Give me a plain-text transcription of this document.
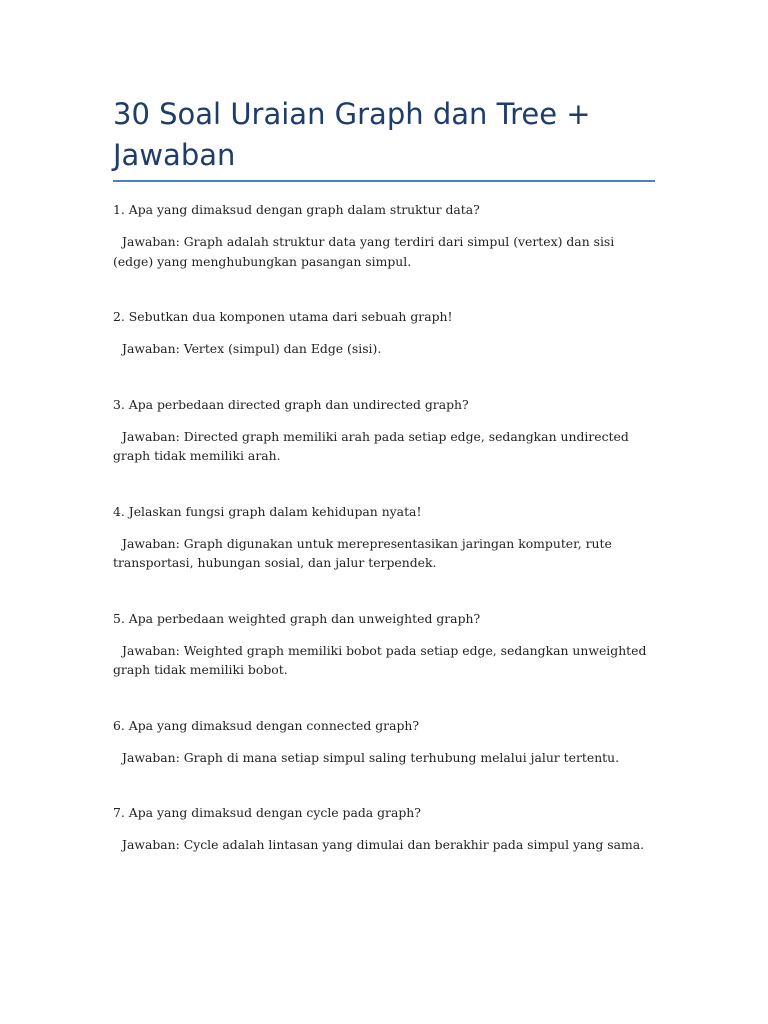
30 Soal Uraian Graph dan Tree + Jawaban

1. Apa yang dimaksud dengan graph dalam struktur data?

Jawaban: Graph adalah struktur data yang terdiri dari simpul (vertex) dan sisi (edge) yang menghubungkan pasangan simpul.

2. Sebutkan dua komponen utama dari sebuah graph!

Jawaban: Vertex (simpul) dan Edge (sisi).

3. Apa perbedaan directed graph dan undirected graph?

Jawaban: Directed graph memiliki arah pada setiap edge, sedangkan undirected graph tidak memiliki arah.

4. Jelaskan fungsi graph dalam kehidupan nyata!

Jawaban: Graph digunakan untuk merepresentasikan jaringan komputer, rute transportasi, hubungan sosial, dan jalur terpendek.

5. Apa perbedaan weighted graph dan unweighted graph?

Jawaban: Weighted graph memiliki bobot pada setiap edge, sedangkan unweighted graph tidak memiliki bobot.

6. Apa yang dimaksud dengan connected graph?

Jawaban: Graph di mana setiap simpul saling terhubung melalui jalur tertentu.

7. Apa yang dimaksud dengan cycle pada graph?

Jawaban: Cycle adalah lintasan yang dimulai dan berakhir pada simpul yang sama.
